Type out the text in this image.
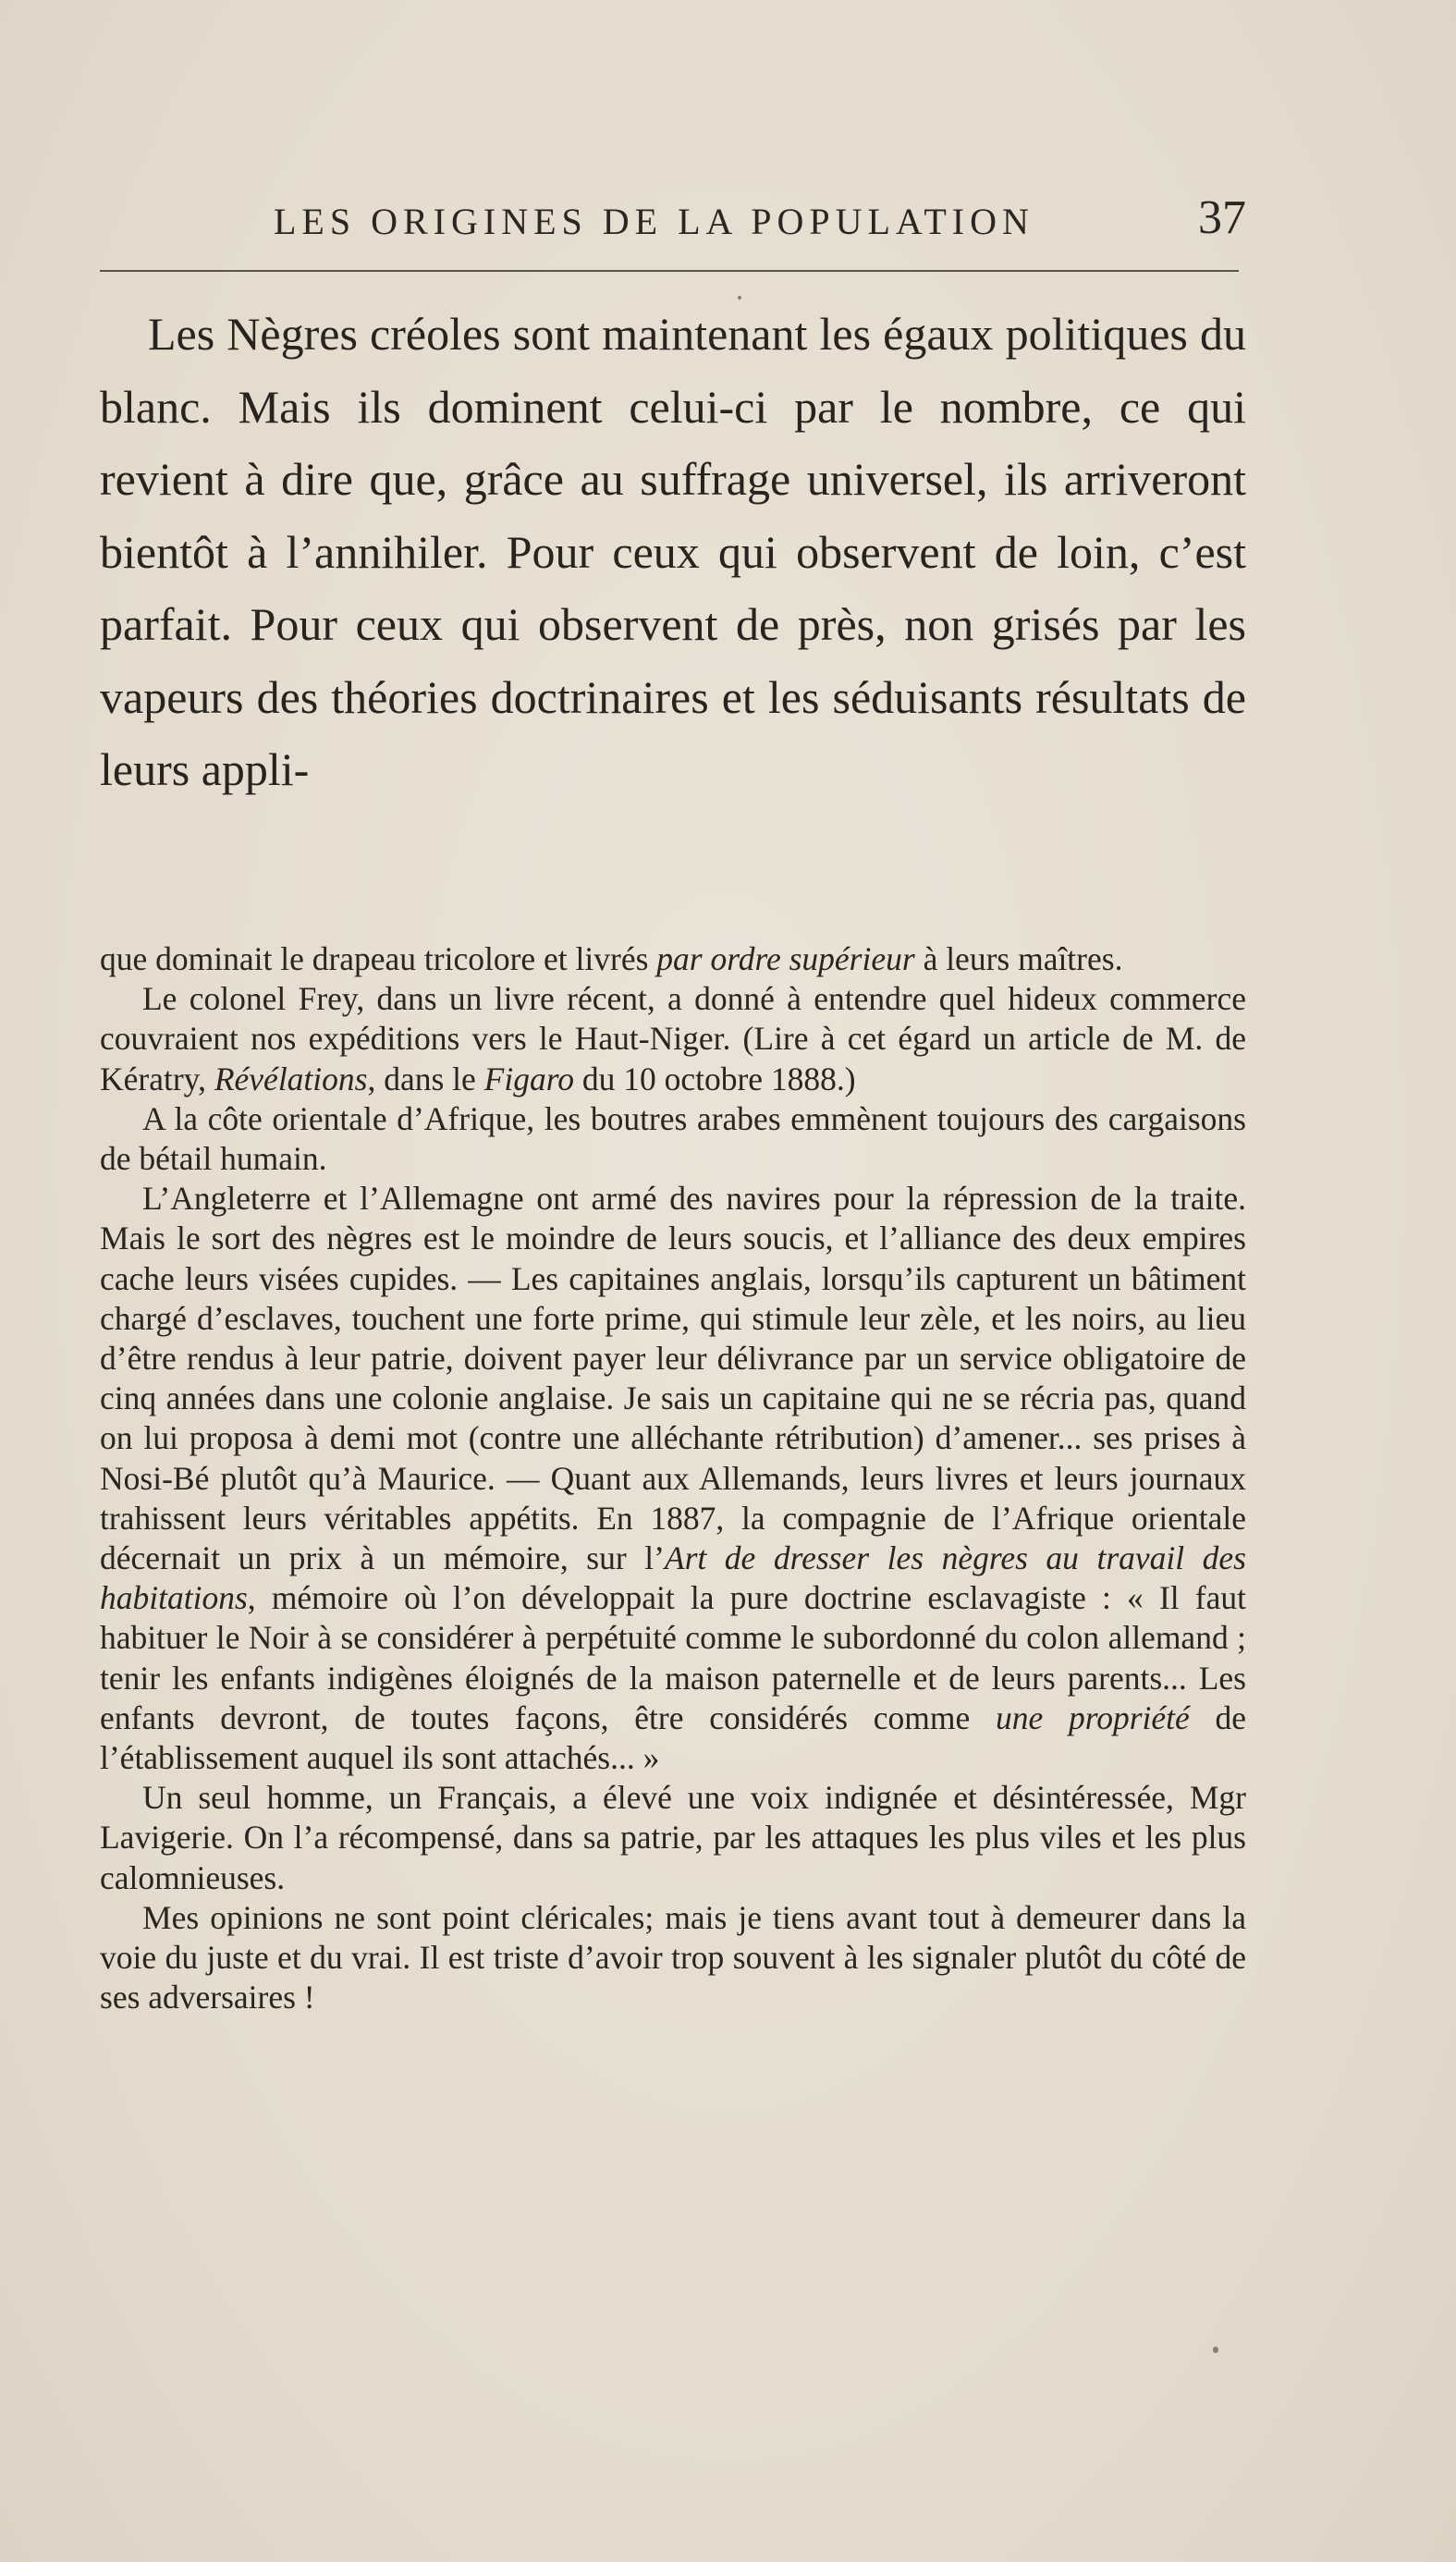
LES ORIGINES DE LA POPULATION	37

Les Nègres créoles sont maintenant les égaux politiques du blanc. Mais ils dominent celui-ci par le nombre, ce qui revient à dire que, grâce au suffrage universel, ils arriveront bientôt à l’annihiler. Pour ceux qui observent de loin, c’est parfait. Pour ceux qui observent de près, non grisés par les vapeurs des théories doctrinaires et les séduisants résultats de leurs appli-

que dominait le drapeau tricolore et livrés par ordre supérieur à leurs maîtres.

Le colonel Frey, dans un livre récent, a donné à entendre quel hideux commerce couvraient nos expéditions vers le Haut-Niger. (Lire à cet égard un article de M. de Kératry, Révélations, dans le Figaro du 10 octobre 1888.)

A la côte orientale d’Afrique, les boutres arabes emmènent toujours des cargaisons de bétail humain.

L’Angleterre et l’Allemagne ont armé des navires pour la répression de la traite. Mais le sort des nègres est le moindre de leurs soucis, et l’alliance des deux empires cache leurs visées cupides. — Les capitaines anglais, lorsqu’ils capturent un bâtiment chargé d’esclaves, touchent une forte prime, qui stimule leur zèle, et les noirs, au lieu d’être rendus à leur patrie, doivent payer leur délivrance par un service obligatoire de cinq années dans une colonie anglaise. Je sais un capitaine qui ne se récria pas, quand on lui proposa à demi mot (contre une alléchante rétribution) d’amener... ses prises à Nosi-Bé plutôt qu’à Maurice. — Quant aux Allemands, leurs livres et leurs journaux trahissent leurs véritables appétits. En 1887, la compagnie de l’Afrique orientale décernait un prix à un mémoire, sur l’Art de dresser les nègres au travail des habitations, mémoire où l’on développait la pure doctrine esclavagiste : « Il faut habituer le Noir à se considérer à perpétuité comme le subordonné du colon allemand ; tenir les enfants indigènes éloignés de la maison paternelle et de leurs parents... Les enfants devront, de toutes façons, être considérés comme une propriété de l’établissement auquel ils sont attachés... »

Un seul homme, un Français, a élevé une voix indignée et désintéressée, Mgr Lavigerie. On l’a récompensé, dans sa patrie, par les attaques les plus viles et les plus calomnieuses.

Mes opinions ne sont point cléricales; mais je tiens avant tout à demeurer dans la voie du juste et du vrai. Il est triste d’avoir trop souvent à les signaler plutôt du côté de ses adversaires !
